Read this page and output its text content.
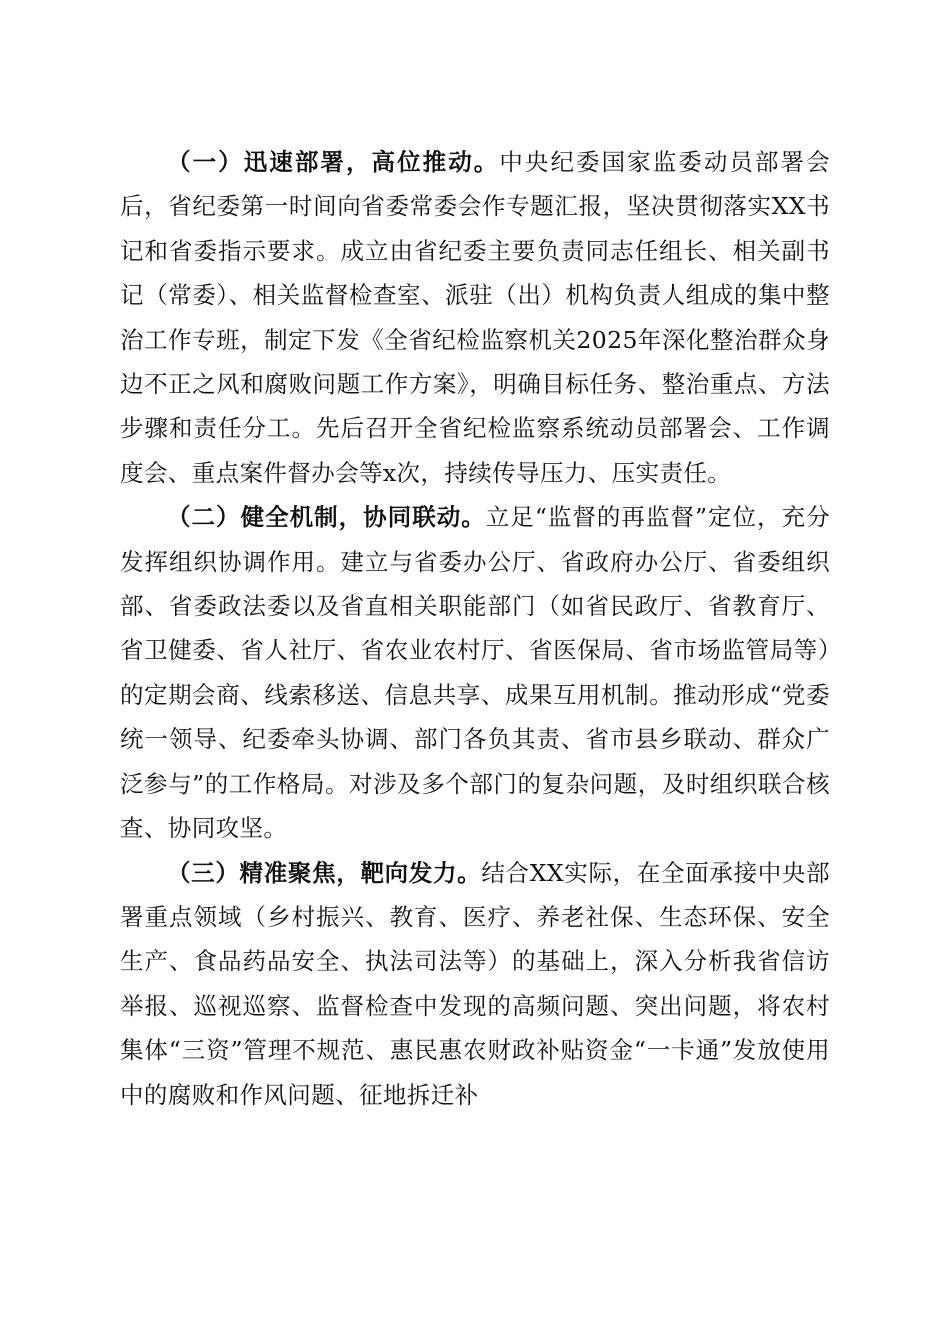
（一）迅速部署，高位推动。中央纪委国家监委动员部署会后，省纪委第一时间向省委常委会作专题汇报，坚决贯彻落实XX书记和省委指示要求。成立由省纪委主要负责同志任组长、相关副书记（常委）、相关监督检查室、派驻（出）机构负责人组成的集中整治工作专班，制定下发《全省纪检监察机关2025年深化整治群众身边不正之风和腐败问题工作方案》，明确目标任务、整治重点、方法步骤和责任分工。先后召开全省纪检监察系统动员部署会、工作调度会、重点案件督办会等x次，持续传导压力、压实责任。

（二）健全机制，协同联动。立足“监督的再监督”定位，充分发挥组织协调作用。建立与省委办公厅、省政府办公厅、省委组织部、省委政法委以及省直相关职能部门（如省民政厅、省教育厅、省卫健委、省人社厅、省农业农村厅、省医保局、省市场监管局等）的定期会商、线索移送、信息共享、成果互用机制。推动形成“党委统一领导、纪委牵头协调、部门各负其责、省市县乡联动、群众广泛参与”的工作格局。对涉及多个部门的复杂问题，及时组织联合核查、协同攻坚。

（三）精准聚焦，靶向发力。结合XX实际，在全面承接中央部署重点领域（乡村振兴、教育、医疗、养老社保、生态环保、安全生产、食品药品安全、执法司法等）的基础上，深入分析我省信访举报、巡视巡察、监督检查中发现的高频问题、突出问题，将农村集体“三资”管理不规范、惠民惠农财政补贴资金“一卡通”发放使用中的腐败和作风问题、征地拆迁补
